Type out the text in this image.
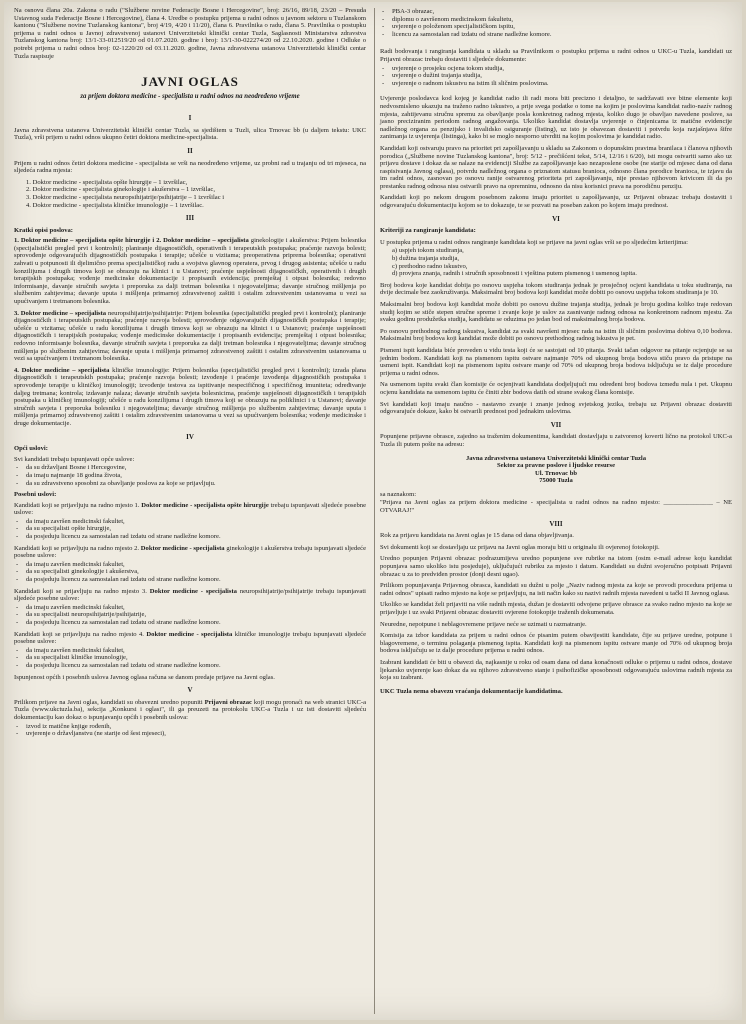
Na osnovu člana 20a. Zakona o radu ("Službene novine Federacije Bosne i Hercegovine", broj: 26/16, 89/18, 23/20 – Presuda Ustavnog suda Federacije Bosne i Hercegovine), člana 4. Uredbe o postupku prijema u radni odnos u javnom sektoru u Tuzlanskom kantonu ("Službene novine Tuzlanskog kantona", broj 4/19, 4/20 i 11/20), člana 6. Pravilnika o radu, člana 5. Pravilnika o postupku prijema u radni odnos u Javnoj zdravstvenoj ustanovi Univerzitetski klinički centar Tuzla, Saglasnosti Ministarstva zdravstva Tuzlanskog kantona broj: 13/1-33-012519/20 od 01.07.2020. godine i broj: 13/1-30-022274/20 od 22.10.2020. godine i Odluke o potrebi prijema u radni odnos broj: 02-1220/20 od 03.11.2020. godine, Javna zdravstvena ustanova Univerzitetski klinički centar Tuzla raspisuje

JAVNI OGLAS
za prijem doktora medicine - specijalista u radni odnos na neodređeno vrijeme
I

Javna zdravstvena ustanova Univerzitetski klinički centar Tuzla, sa sjedištem u Tuzli, ulica Trnovac bb (u daljem tekstu: UKC Tuzla), vrši prijem u radni odnos ukupno četiri doktora medicine-specijalista.

II

Prijem u radni odnos četiri doktora medicine - specijalista se vrši na neodređeno vrijeme, uz probni rad u trajanju od tri mjeseca, na sljedeća radna mjesta:

1. Doktor medicine - specijalista opšte hirurgije – 1 izvršilac,
2. Doktor medicine - specijalista ginekologije i akušerstva – 1 izvršilac,
3. Doktor medicine - specijalista neuropsihijatrije/psihijatrije – 1 izvršilac i
4. Doktor medicine - specijalista kliničke imunologije – 1 izvršilac.
III
Kratki opisi poslova:

1. Doktor medicine – specijalista opšte hirurgije i 2. Doktor medicine – specijalista ginekologije i akušerstva: Prijem bolesnika (specijalistički pregled prvi i kontrolni); planiranje dijagnostičkih, operativnih i terapeutskih postupaka; praćenje razvoja bolesti; sprovođenje odgovarajućih dijagnostičkih postupaka i terapije; učešće u vizitama; preoperativna priprema bolesnika; operativni zahvati u potpunosti ili djelimično prema specijalističkoj radu a svojstva glavnog operatera, prvog i drugog asistenta; učešće u radu konzilijuma i drugih timova koji se obrazuju na klinici i u Ustanovi; praćenje uspješnosti dijagnostičkih, operativnih i drugih terapijskih postupaka; vođenje medicinske dokumentacije i propisanih evidencija; premještaj i otpust bolesnika; redovno informisanje, davanje stručnih savjeta i preporuka za dalji tretman bolesnika i njegovateljima; davanje stručnog mišljenja po službenim zahtjevima; davanje uputa i mišljenja primarnoj zdravstvenoj zaštiti i ostalim zdravstvenim ustanovama u vezi sa upućivanjem i tretmanom bolesnika.

3. Doktor medicine – specijalista neuropsihijatrije/psihijatrije: Prijem bolesnika (specijalistički pregled prvi i kontrolni); planiranje dijagnostičkih i terapeutskih postupaka; praćenje razvoja bolesti; sprovođenje odgovarajućih dijagnostičkih postupaka i terapije; učešće u vizitama; učešće u radu konzilijuma i drugih timova koji se obrazuju na klinici i u Ustanovi; praćenje uspješnosti dijagnostičkih i terapijskih postupaka; vođenje medicinske dokumentacije i propisanih evidencija; premještaj i otpust bolesnika; redovno informisanje bolesnika, davanje stručnih savjeta i preporuka za dalji tretman bolesnika i njegovateljima; davanje stručnog mišljenja po službenim zahtjevima; davanje uputa i mišljenja primarnoj zdravstvenoj zaštiti i ostalim zdravstvenim ustanovama u vezi sa upućivanjem i tretmanom bolesnika.

4. Doktor medicine – specijalista kliničke imunologije: Prijem bolesnika (specijalistički pregled prvi i kontrolni); izrada plana dijagnostičkih i terapeutskih postupaka; praćenje razvoja bolesti; izvođenje i praćenje izvođenja dijagnostičkih postupaka i sprovođenje terapije u kliničkoj imunologiji; izvođenje testova za ispitivanje nespecifičnog i specifičnog imuniteta; određivanje daljeg tretmana; kontrola; izdavanje nalaza; davanje stručnih savjeta bolesnicima, praćenje uspješnosti dijagnostičkih i terapijskih postupaka u kliničkoj imunologiji; učešće u radu konzilijuma i drugih timova koji se obrazuju na poliklinici i u Ustanovi; davanje stručnih savjeta i preporuka bolesniku i njegovateljima; davanje stručnog mišljenja po službenim zahtjevima; davanje uputa i mišljenja primarnoj zdravstvenoj zaštiti i ostalim zdravstvenim ustanovama u vezi sa upućivanjem bolesnika; vođenje medicinske i druge dokumentacije.

IV
Opći uslovi:

Svi kandidati trebaju ispunjavati opće uslove:

- da su državljani Bosne i Hercegovine,
- da imaju najmanje 18 godina života,
- da su zdravstveno sposobni za obavljanje poslova za koje se prijavljuju.
Posebni uslovi:

Kandidati koji se prijavljuju na radno mjesto 1. Doktor medicine - specijalista opšte hirurgije trebaju ispunjavati sljedeće posebne uslove:

- da imaju završen medicinski fakultet,
- da su specijalisti opšte hirurgije,
- da posjeduju licencu za samostalan rad izdatu od strane nadležne komore.

Kandidati koji se prijavljuju na radno mjesto 2. Doktor medicine - specijalista ginekologije i akušerstva trebaju ispunjavati sljedeće posebne uslove:

- da imaju završen medicinski fakultet,
- da su specijalisti ginekologije i akušerstva,
- da posjeduju licencu za samostalan rad izdatu od strane nadležne komore.

Kandidati koji se prijavljuju na radno mjesto 3. Doktor medicine - specijalista neuropsihijatrije/psihijatrije trebaju ispunjavati sljedeće posebne uslove:

- da imaju završen medicinski fakultet,
- da su specijalisti neuropsihijatrije/psihijatrije,
- da posjeduju licencu za samostalan rad izdatu od strane nadležne komore.

Kandidati koji se prijavljuju na radno mjesto 4. Doktor medicine - specijalista kliničke imunologije trebaju ispunjavati sljedeće posebne uslove:

- da imaju završen medicinski fakultet,
- da su specijalisti kliničke imunologije,
- da posjeduju licencu za samostalan rad izdatu od strane nadležne komore.

Ispunjenost općih i posebnih uslova Javnog oglasa računa se danom predaje prijave na Javni oglas.

V

Prilikom prijave na Javni oglas, kandidati su obavezni uredno popuniti Prijavni obrazac koji mogu pronaći na web stranici UKC-a Tuzla (www.ukctuzla.ba), sekcija „Konkursi i oglasi", ili ga preuzeti na protokolu UKC-a Tuzla i uz isti dostaviti sljedeću dokumentaciju kao dokaz o ispunjavanju općih i posebnih uslova:

- izvod iz matične knjige rođenih,
- uvjerenje o državljanstvu (ne starije od šest mjeseci),
- PBA-3 obrazac,
- diplomu o završenom medicinskom fakultetu,
- uvjerenje o položenom specijalističkom ispitu,
- licencu za samostalan rad izdatu od strane nadležne komore.

Radi bodovanja i rangiranja kandidata u skladu sa Pravilnikom o postupku prijema u radni odnos u UKC-u Tuzla, kandidati uz Prijavni obrazac trebaju dostaviti i sljedeće dokumente:

- uvjerenje o prosjeku ocjena tokom studija,
- uvjerenje o dužini trajanja studija,
- uvjerenje o radnom iskustvu na istim ili sličnim poslovima.

Uvjerenje poslodavca kod kojeg je kandidat radio ili radi mora biti precizno i detaljno, te sadržavati sve bitne elemente koji nedvosmisleno ukazuju na traženo radno iskustvo, a prije svega podatke o tome na kojim je poslovima kandidat radio-nazív radnog mjesta, zahtijevanu stručnu spremu za obavljanje posla konkretnog radnog mjesta, koliko dugo je obavljao navedene poslove, sa jasno preciziranim periodom radnog angažovanja. Ukoliko kandidat dostavlja uvjerenje o činjenicama iz matične evidencije nadležnog organa za penzijsko i invalidsko osiguranje (listing), uz isto je obavezan dostaviti i potvrdu koja razjašnjava šifre zanimanja iz uvjerenja (listinga), kako bi se moglo nesporno utvrditi na kojim poslovima je kandidat radio.

Kandidati koji ostvaruju pravo na prioritet pri zapošljavanju u skladu sa Zakonom o dopunskim pravima branilaca i članova njihovih porodica („Službene novine Tuzlanskog kantona", broj: 5/12 - prečišćeni tekst, 5/14, 12/16 i 6/20), isti mogu ostvariti samo ako uz prijavu dostave i dokaz da se nalaze na evidenciji Službe za zapošljavanje kao nezaposlene osobe (ne starije od mjesec dana od dana raspisivanja Javnog oglasa), potvrdu nadležnog organa o priznatom statusu branioca, odnosno člana porodice branioca, te izjavu da im radni odnos, zasnovan po osnovu ranije ostvarenog prioriteta pri zapošljavanju, nije prestao njihovom krivicom ili da po prestanku radnog odnosa nisu ostvarili pravo na opremninu, odnosno da nisu korisnici prava na porodičnu penziju.

Kandidati koji po nekom drugom posebnom zakonu imaju prioritet u zapošljavanju, uz Prijavni obrazac trebaju dostaviti i odgovarajuću dokumentaciju kojom se to dokazuje, te se pozvati na poseban zakon po kojem imaju prednost.

VI
Kriteriji za rangiranje kandidata:

U postupku prijema u radni odnos rangiranje kandidata koji se prijave na javni oglas vrši se po sljedećim kriterijima:

a) uspjeh tokom studiranja,
b) dužina trajanja studija,
c) prethodno radno iskustvo,
d) provjera znanja, radnih i stručnih sposobnosti i vještina putem pismenog i usmenog ispita.

Broj bodova koje kandidat dobija po osnovu uspjeha tokom studiranja jednak je prosječnoj ocjeni kandidata u toku studiranja, na dvije decimale bez zaokruživanja. Maksimalni broj bodova koji kandidat može dobiti po osnovu uspjeha tokom studiranja je 10.

Maksimalni broj bodova koji kandidat može dobiti po osnovu dužine trajanja studija, jednak je broju godina koliko traje redovan studij kojim se stiče stepen stručne spreme i zvanje koje je uslov za zasnivanje radnog odnosa na konkretnom radnom mjestu. Za svaku godinu produžetka studija, kandidatu se oduzima po jedan bod od maksimalnog broja bodova.

Po osnovu prethodnog radnog iskustva, kandidat za svaki navršeni mjesec rada na istim ili sličnim poslovima dobiva 0,10 bodova. Maksimalni broj bodova koji kandidat može dobiti po osnovu prethodnog radnog iskustva je pet.

Pismeni ispit kandidata biće proveden u vidu testa koji će se sastojati od 10 pitanja. Svaki tačan odgovor na pitanje ocjenjuje se sa jednim bodom. Kandidati koji na pismenom ispitu ostvare najmanje 70% od ukupnog broja bodova stiču pravo da pristupe na usmeni ispit. Kandidati koji na pismenom ispitu ostvare manje od 70% od ukupnog broja bodova isključuju se iz dalje procedure prijema u radni odnos.

Na usmenom ispitu svaki član komisije će ocjenjivati kandidata dodjeljujući mu određeni broj bodova između nula i pet. Ukupnu ocjenu kandidata na usmenom ispitu će činiti zbir bodova datih od strane svakog člana komisije.

Svi kandidati koji imaju naučno - nastavno zvanje i znanje jednog svjetskog jezika, trebaju uz Prijavni obrazac dostaviti odgovarajuće dokaze, kako bi ostvarili prednost pod jednakim uslovima.

VII

Popunjene prijavne obrasce, zajedno sa traženim dokumentima, kandidati dostavljaju u zatvorenoj koverti lično na protokol UKC-a Tuzla ili putem pošte na adresu:

Javna zdravstvena ustanova Univerzitetski klinički centar Tuzla
Sektor za pravne poslove i ljudske resurse
Ul. Trnovac bb
75000 Tuzla

sa naznakom:

"Prijava na Javni oglas za prijem doktora medicine - specijalista u radni odnos na radno mjesto: _______________ – NE OTVARAJ!"

VIII

Rok za prijavu kandidata na Javni oglas je 15 dana od dana objavljivanja.

Svi dokumenti koji se dostavljaju uz prijavu na Javni oglas moraju biti u originalu ili ovjerenoj fotokopiji.

Uredno popunjen Prijavni obrazac podrazumijeva uredno popunjene sve rubrike na istom (osim e-mail adrese koju kandidat popunjava samo ukoliko istu posjeduje), uključujući rubriku za mjesto i datum. Kandidati su dužni svojeručno potpisati Prijavni obrazac u za to predviđen prostor (donji desni ugao).

Prilikom popunjavanja Prijavnog obrasca, kandidati su dužni u polje „Naziv radnog mjesta za koje se provodi procedura prijema u radni odnos" upisati radno mjesto na koje se prijavljuju, na isti način kako su nazivi radnih mjesta navedeni u tački II Javnog oglasa.

Ukoliko se kandidat želi prijaviti na više radnih mjesta, dužan je dostaviti odvojene prijave obrasce za svako radno mjesto na koje se prijavljuje i uz svaki Prijavni obrazac dostaviti ovjerene fotokopije traženih dokumenata.

Neuredne, nepotpune i neblagovremene prijave neće se uzimati u razmatranje.

Komisija za izbor kandidata za prijem u radni odnos će pisanim putem obavijestiti kandidate, čije su prijave uredne, potpune i blagovremene, o terminu polaganja pismenog ispita. Kandidati koji na pismenom ispitu ostvare manje od 70% od ukupnog broja bodova isključuju se iz dalje procedure prijema u radni odnos.

Izabrani kandidati će biti u obavezi da, najkasnije u roku od osam dana od dana konačnosti odluke o prijemu u radni odnos, dostave ljekarsko uvjerenje kao dokaz da su njihovo zdravstveno stanje i psihofizičke sposobnosti odgovarajuću uslovima radnih mjesta za koja su izabrani.

UKC Tuzla nema obavezu vraćanja dokumentacije kandidatima.
